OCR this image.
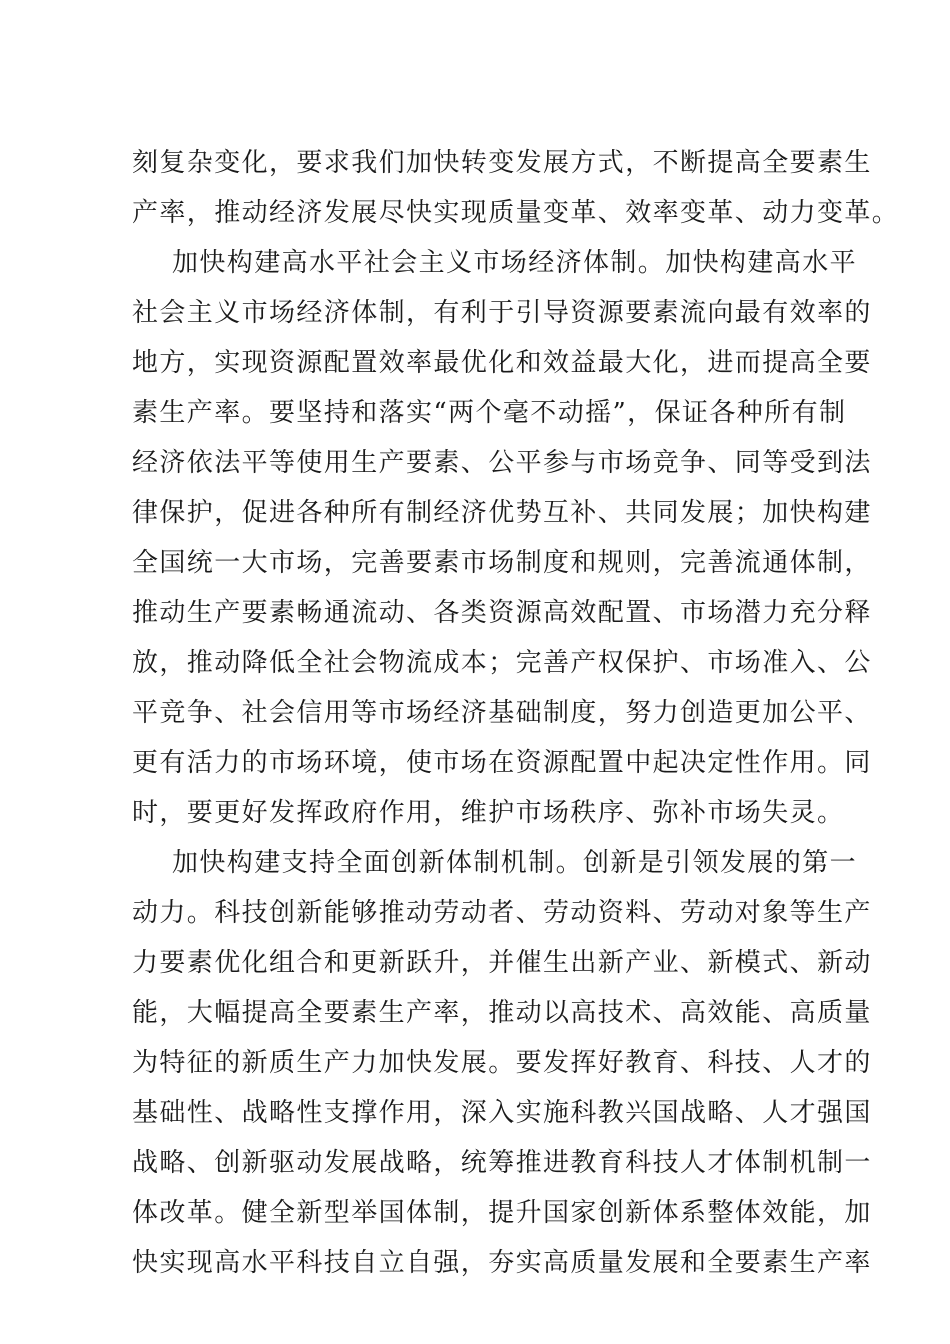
刻复杂变化，要求我们加快转变发展方式，不断提高全要素生
产率，推动经济发展尽快实现质量变革、效率变革、动力变革。
加快构建高水平社会主义市场经济体制。加快构建高水平
社会主义市场经济体制，有利于引导资源要素流向最有效率的
地方，实现资源配置效率最优化和效益最大化，进而提高全要
素生产率。要坚持和落实“两个毫不动摇”，保证各种所有制
经济依法平等使用生产要素、公平参与市场竞争、同等受到法
律保护，促进各种所有制经济优势互补、共同发展；加快构建
全国统一大市场，完善要素市场制度和规则，完善流通体制，
推动生产要素畅通流动、各类资源高效配置、市场潜力充分释
放，推动降低全社会物流成本；完善产权保护、市场准入、公
平竞争、社会信用等市场经济基础制度，努力创造更加公平、
更有活力的市场环境，使市场在资源配置中起决定性作用。同
时，要更好发挥政府作用，维护市场秩序、弥补市场失灵。
加快构建支持全面创新体制机制。创新是引领发展的第一
动力。科技创新能够推动劳动者、劳动资料、劳动对象等生产
力要素优化组合和更新跃升，并催生出新产业、新模式、新动
能，大幅提高全要素生产率，推动以高技术、高效能、高质量
为特征的新质生产力加快发展。要发挥好教育、科技、人才的
基础性、战略性支撑作用，深入实施科教兴国战略、人才强国
战略、创新驱动发展战略，统筹推进教育科技人才体制机制一
体改革。健全新型举国体制，提升国家创新体系整体效能，加
快实现高水平科技自立自强，夯实高质量发展和全要素生产率
